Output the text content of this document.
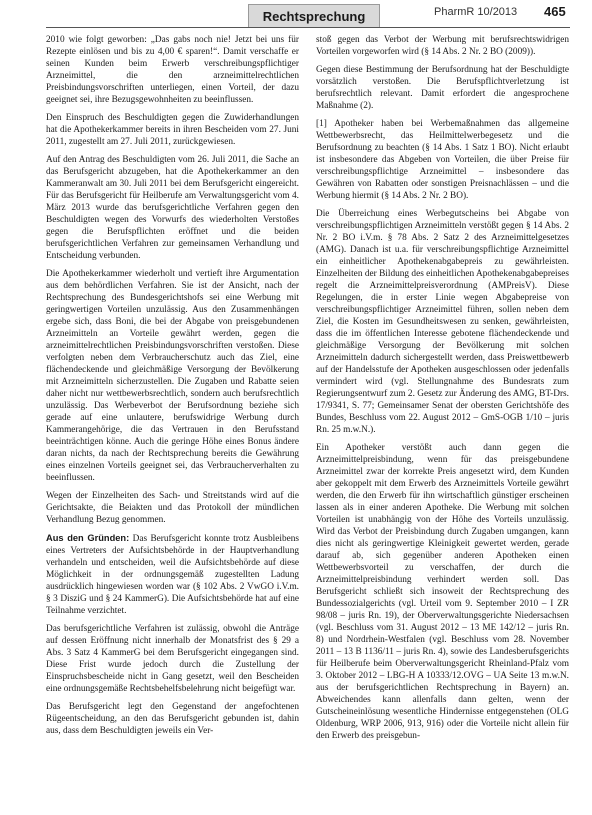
Rechtsprechung	PharmR 10/2013 465

2010 wie folgt geworben: „Das gabs noch nie! Jetzt bei uns für Rezepte einlösen und bis zu 4,00 € sparen!“. Damit verschaffe er seinen Kunden beim Erwerb verschreibungspflichtiger Arzneimittel, die den arzneimittelrechtlichen Preisbindungsvorschriften unterliegen, einen Vorteil, der dazu geeignet sei, ihre Bezugsgewohnheiten zu beeinflussen.

Den Einspruch des Beschuldigten gegen die Zuwiderhandlungen hat die Apothekerkammer bereits in ihren Bescheiden vom 27. Juni 2011, zugestellt am 27. Juli 2011, zurückgewiesen.

Auf den Antrag des Beschuldigten vom 26. Juli 2011, die Sache an das Berufsgericht abzugeben, hat die Apothekerkammer an den Kammeranwalt am 30. Juli 2011 bei dem Berufsgericht eingereicht. Für das Berufsgericht für Heilberufe am Verwaltungsgericht vom 4. März 2013 wurde das berufsgerichtliche Verfahren gegen den Beschuldigten wegen des Vorwurfs des wiederholten Verstoßes gegen die Berufspflichten eröffnet und die beiden berufsgerichtlichen Verfahren zur gemeinsamen Verhandlung und Entscheidung verbunden.

Die Apothekerkammer wiederholt und vertieft ihre Argumentation aus dem behördlichen Verfahren. Sie ist der Ansicht, nach der Rechtsprechung des Bundesgerichtshofs sei eine Werbung mit geringwertigen Vorteilen unzulässig. Aus den Zusammenhängen ergebe sich, dass Boni, die bei der Abgabe von preisgebundenen Arzneimitteln an Vorteile gewährt werden, gegen die arzneimittelrechtlichen Preisbindungsvorschriften verstoßen. Diese verfolgten neben dem Verbraucherschutz auch das Ziel, eine flächendeckende und gleichmäßige Versorgung der Bevölkerung mit Arzneimitteln sicherzustellen. Die Zugaben und Rabatte seien daher nicht nur wettbewerbsrechtlich, sondern auch berufsrechtlich unzulässig. Das Werbeverbot der Berufsordnung beziehe sich gerade auf eine unlautere, berufswidrige Werbung durch Kammerangehörige, die das Vertrauen in den Berufsstand beeinträchtigen könne. Auch die geringe Höhe eines Bonus ändere daran nichts, da nach der Rechtsprechung bereits die Gewährung eines einzelnen Vorteils geeignet sei, das Verbraucherverhalten zu beeinflussen.

Wegen der Einzelheiten des Sach- und Streitstands wird auf die Gerichtsakte, die Beiakten und das Protokoll der mündlichen Verhandlung Bezug genommen.

Aus den Gründen: Das Berufsgericht konnte trotz Ausbleibens eines Vertreters der Aufsichtsbehörde in der Hauptverhandlung verhandeln und entscheiden, weil die Aufsichtsbehörde auf diese Möglichkeit in der ordnungsgemäß zugestellten Ladung ausdrücklich hingewiesen worden war (§ 102 Abs. 2 VwGO i.V.m. § 3 DisziG und § 24 KammerG). Die Aufsichtsbehörde hat auf eine Teilnahme verzichtet.

Das berufsgerichtliche Verfahren ist zulässig, obwohl die Anträge auf dessen Eröffnung nicht innerhalb der Monatsfrist des § 29 a Abs. 3 Satz 4 KammerG bei dem Berufsgericht eingegangen sind. Diese Frist wurde jedoch durch die Zustellung der Einspruchsbescheide nicht in Gang gesetzt, weil den Bescheiden eine ordnungsgemäße Rechtsbehelfsbelehrung nicht beigefügt war.

Das Berufsgericht legt den Gegenstand der angefochtenen Rügeentscheidung, an den das Berufsgericht gebunden ist, dahin aus, dass dem Beschuldigten jeweils ein Ver-

stoß gegen das Verbot der Werbung mit berufsrechtswidrigen Vorteilen vorgeworfen wird (§ 14 Abs. 2 Nr. 2 BO (2009)).

Gegen diese Bestimmung der Berufsordnung hat der Beschuldigte vorsätzlich verstoßen. Die Berufspflichtverletzung ist berufsrechtlich relevant. Damit erfordert die angesprochene Maßnahme (2).

[1] Apotheker haben bei Werbemaßnahmen das allgemeine Wettbewerbsrecht, das Heilmittelwerbegesetz und die Berufsordnung zu beachten (§ 14 Abs. 1 Satz 1 BO). Nicht erlaubt ist insbesondere das Abgeben von Vorteilen, die über Preise für verschreibungspflichtige Arzneimittel – insbesondere das Gewähren von Rabatten oder sonstigen Preisnachlässen – und die Werbung hiermit (§ 14 Abs. 2 Nr. 2 BO).

Die Überreichung eines Werbegutscheins bei Abgabe von verschreibungspflichtigen Arzneimitteln verstößt gegen § 14 Abs. 2 Nr. 2 BO i.V.m. § 78 Abs. 2 Satz 2 des Arzneimittelgesetzes (AMG). Danach ist u.a. für verschreibungspflichtige Arzneimittel ein einheitlicher Apothekenabgabepreis zu gewährleisten. Einzelheiten der Bildung des einheitlichen Apothekenabgabepreises regelt die Arzneimittelpreisverordnung (AMPreisV). Diese Regelungen, die in erster Linie wegen Abgabepreise von verschreibungspflichtiger Arzneimittel führen, sollen neben dem Ziel, die Kosten im Gesundheitswesen zu senken, gewährleisten, dass die im öffentlichen Interesse gebotene flächendeckende und gleichmäßige Versorgung der Bevölkerung mit solchen Arzneimitteln dadurch sichergestellt werden, dass Preiswettbewerb auf der Handelsstufe der Apotheken ausgeschlossen oder jedenfalls vermindert wird (vgl. Stellungnahme des Bundesrats zum Regierungsentwurf zum 2. Gesetz zur Änderung des AMG, BT-Drs. 17/9341, S. 77; Gemeinsamer Senat der obersten Gerichtshöfe des Bundes, Beschluss vom 22. August 2012 – GmS-OGB 1/10 – juris Rn. 25 m.w.N.).

Ein Apotheker verstößt auch dann gegen die Arzneimittelpreisbindung, wenn für das preisgebundene Arzneimittel zwar der korrekte Preis angesetzt wird, dem Kunden aber gekoppelt mit dem Erwerb des Arzneimittels Vorteile gewährt werden, die den Erwerb für ihn wirtschaftlich günstiger erscheinen lassen als in einer anderen Apotheke. Die Werbung mit solchen Vorteilen ist unabhängig von der Höhe des Vorteils unzulässig. Wird das Verbot der Preisbindung durch Zugaben umgangen, kann dies nicht als geringwertige Kleinigkeit gewertet werden, gerade darauf ab, sich gegenüber anderen Apotheken einen Wettbewerbsvorteil zu verschaffen, der durch die Arzneimittelpreisbindung verhindert werden soll. Das Berufsgericht schließt sich insoweit der Rechtsprechung des Bundessozialgerichts (vgl. Urteil vom 9. September 2010 – I ZR 98/08 – juris Rn. 19), der Oberverwaltungsgerichte Niedersachsen (vgl. Beschluss vom 31. August 2012 – 13 ME 142/12 – juris Rn. 8) und Nordrhein-Westfalen (vgl. Beschluss vom 28. November 2011 – 13 B 1136/11 – juris Rn. 4), sowie des Landesberufsgerichts für Heilberufe beim Oberverwaltungsgericht Rheinland-Pfalz vom 3. Oktober 2012 – LBG-H A 10333/12.OVG – UA Seite 13 m.w.N. aus der berufsgerichtlichen Rechtsprechung in Bayern) an. Abweichendes kann allenfalls dann gelten, wenn der Gutscheineinlösung wesentliche Hindernisse entgegenstehen (OLG Oldenburg, WRP 2006, 913, 916) oder die Vorteile nicht allein für den Erwerb des preisgebun-
